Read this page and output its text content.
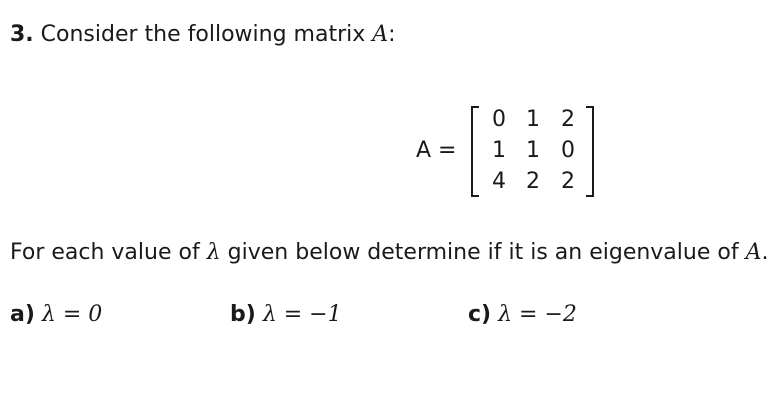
3. Consider the following matrix A:
A =
0 1 2
1 1 0
4 2 2
For each value of λ given below determine if it is an eigenvalue of A.
a) λ = 0	b) λ = −1	c) λ = −2
